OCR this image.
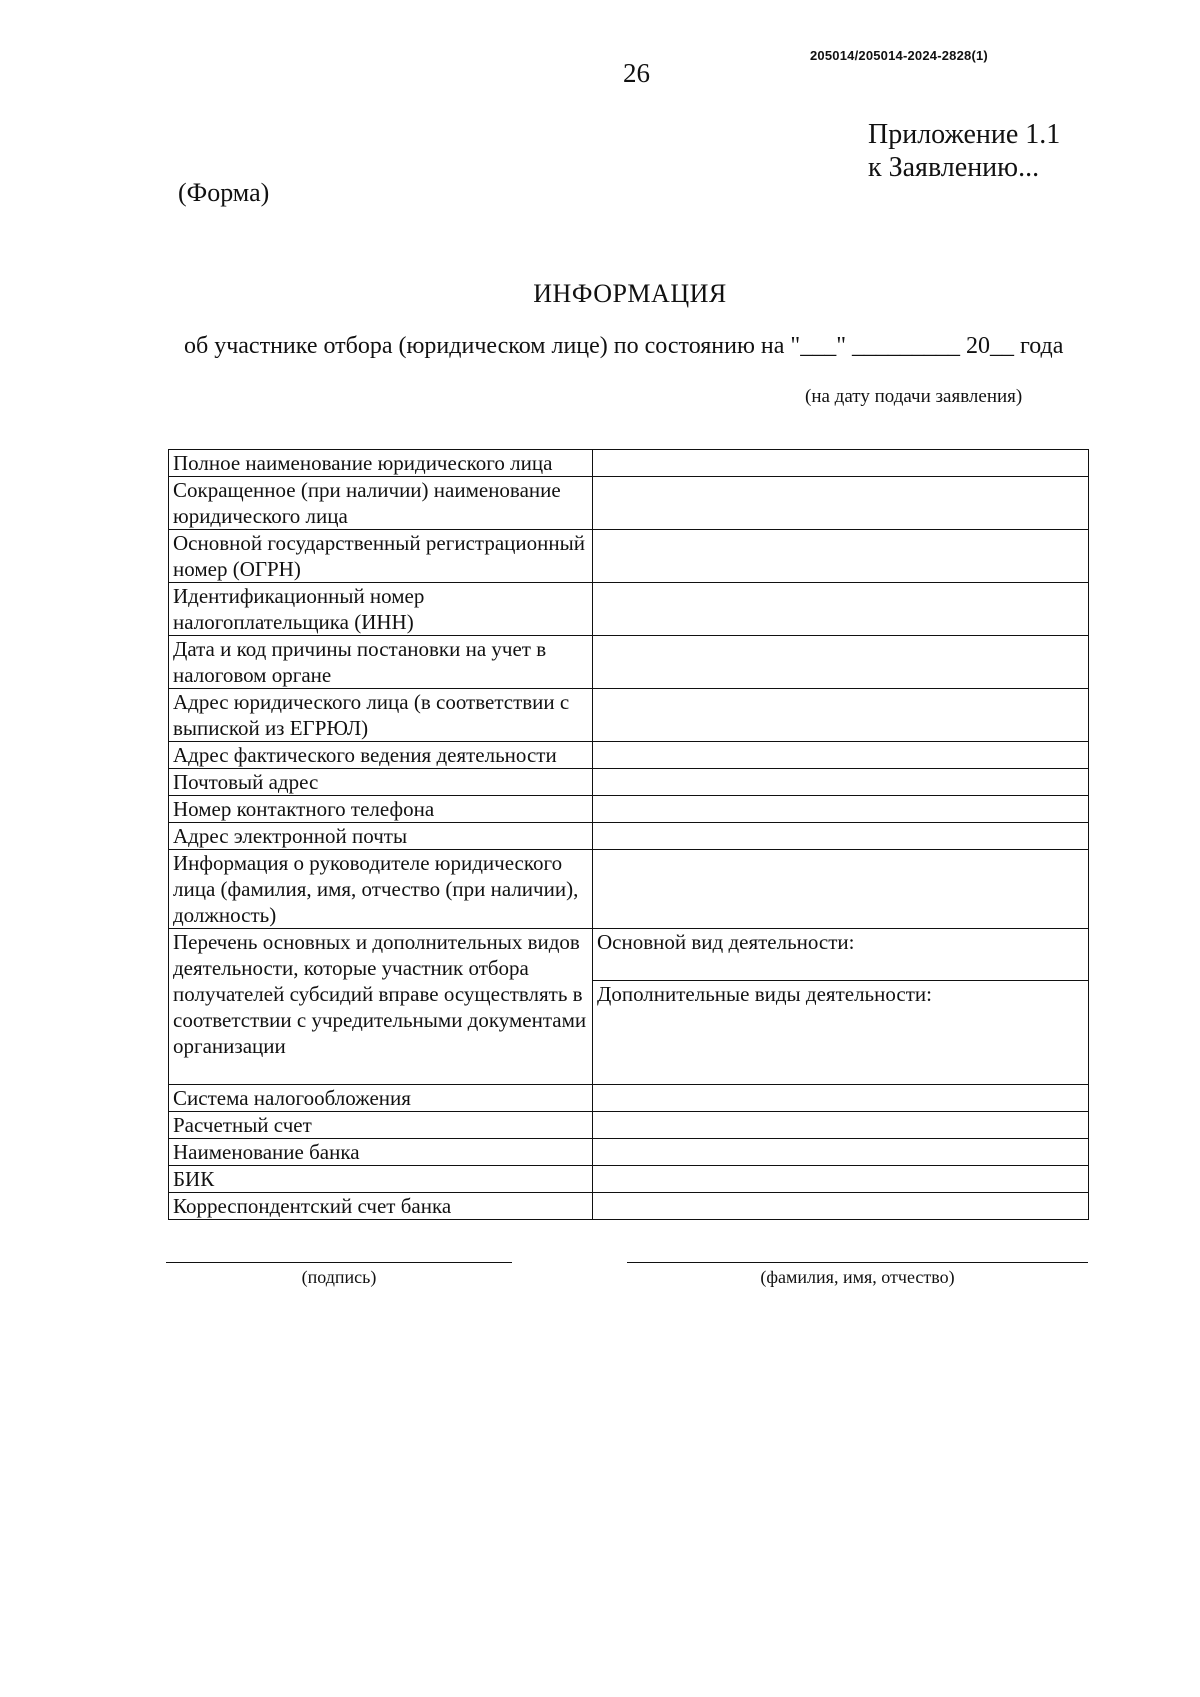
205014/205014-2024-2828(1)
26
Приложение 1.1
к Заявлению...
(Форма)
ИНФОРМАЦИЯ
об участнике отбора (юридическом лице) по состоянию на "___" _________ 20__ года
(на дату подачи заявления)
Полное наименование юридического лица	
Сокращенное (при наличии) наименование юридического лица	
Основной государственный регистрационный номер (ОГРН)	
Идентификационный номер налогоплательщика (ИНН)	
Дата и код причины постановки на учет в налоговом органе	
Адрес юридического лица (в соответствии с выпиской из ЕГРЮЛ)	
Адрес фактического ведения деятельности	
Почтовый адрес	
Номер контактного телефона	
Адрес электронной почты	
Информация о руководителе юридического лица (фамилия, имя, отчество (при наличии), должность)	
Перечень основных и дополнительных видов деятельности, которые участник отбора получателей субсидий вправе осуществлять в соответствии с учредительными документами организации	Основной вид деятельности:
	Дополнительные виды деятельности:
Система налогообложения	
Расчетный счет	
Наименование банка	
БИК	
Корреспондентский счет банка	
(подпись)	(фамилия, имя, отчество)
